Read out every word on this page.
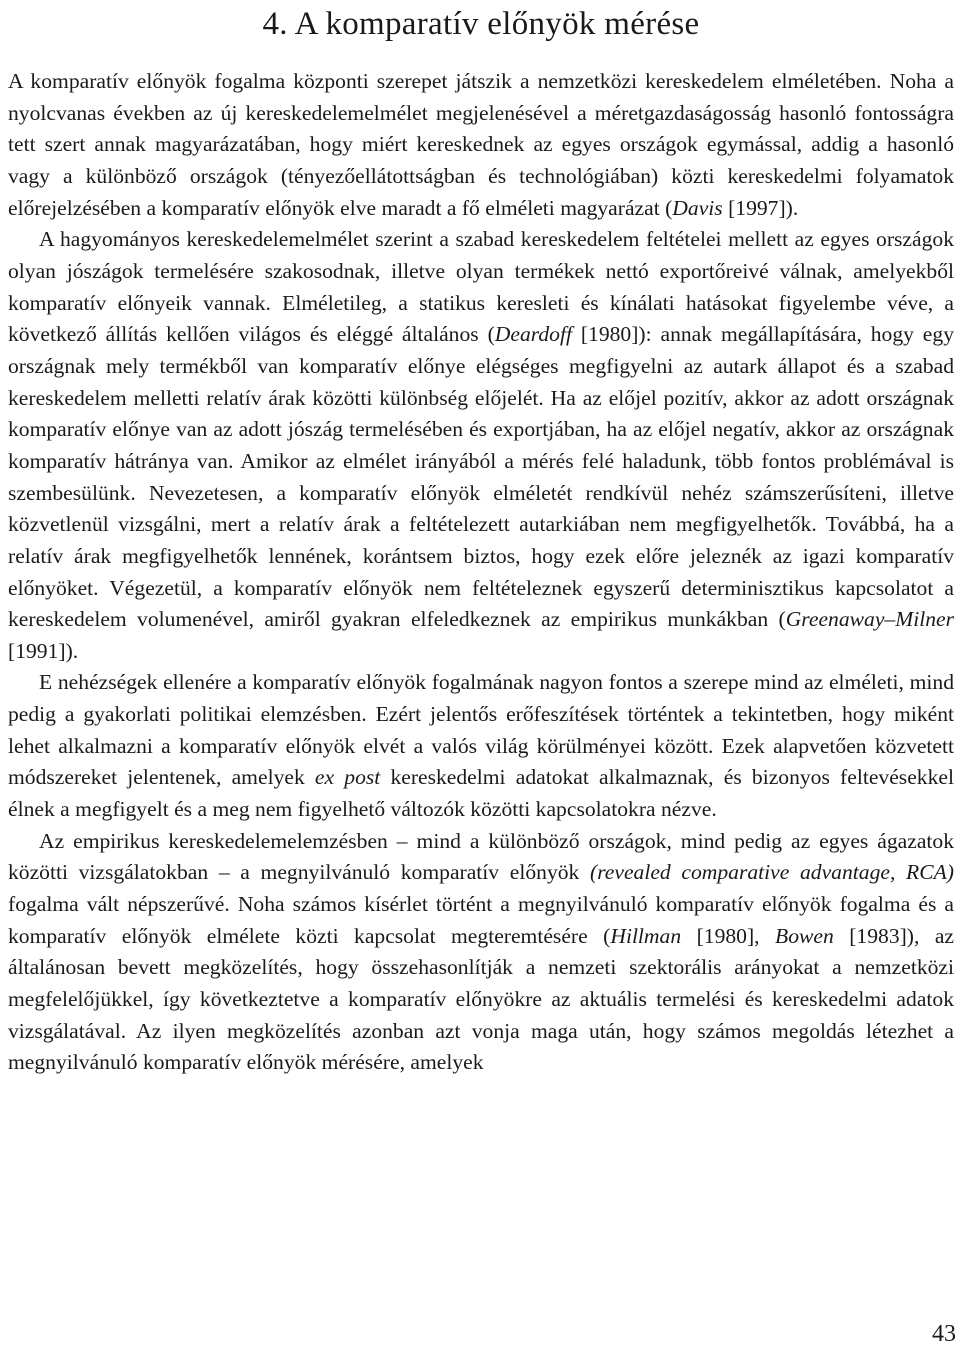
4. A komparatív előnyök mérése

A komparatív előnyök fogalma központi szerepet játszik a nemzetközi kereskedelem elméletében. Noha a nyolcvanas években az új kereskedelemelmélet megjelenésével a méretgazdaságosság hasonló fontosságra tett szert annak magyarázatában, hogy miért kereskednek az egyes országok egymással, addig a hasonló vagy a különböző országok (tényezőellátottságban és technológiában) közti kereskedelmi folyamatok előrejelzésében a komparatív előnyök elve maradt a fő elméleti magyarázat (Davis [1997]).

A hagyományos kereskedelemelmélet szerint a szabad kereskedelem feltételei mellett az egyes országok olyan jószágok termelésére szakosodnak, illetve olyan termékek nettó exportőreivé válnak, amelyekből komparatív előnyeik vannak. Elméletileg, a statikus keresleti és kínálati hatásokat figyelembe véve, a következő állítás kellően világos és eléggé általános (Deardoff [1980]): annak megállapítására, hogy egy országnak mely termékből van komparatív előnye elégséges megfigyelni az autark állapot és a szabad kereskedelem melletti relatív árak közötti különbség előjelét. Ha az előjel pozitív, akkor az adott országnak komparatív előnye van az adott jószág termelésében és exportjában, ha az előjel negatív, akkor az országnak komparatív hátránya van. Amikor az elmélet irányából a mérés felé haladunk, több fontos problémával is szembesülünk. Nevezetesen, a komparatív előnyök elméletét rendkívül nehéz számszerűsíteni, illetve közvetlenül vizsgálni, mert a relatív árak a feltételezett autarkiában nem megfigyelhetők. Továbbá, ha a relatív árak megfigyelhetők lennének, korántsem biztos, hogy ezek előre jeleznék az igazi komparatív előnyöket. Végezetül, a komparatív előnyök nem feltételeznek egyszerű determinisztikus kapcsolatot a kereskedelem volumenével, amiről gyakran elfeledkeznek az empirikus munkákban (Greenaway–Milner [1991]).

E nehézségek ellenére a komparatív előnyök fogalmának nagyon fontos a szerepe mind az elméleti, mind pedig a gyakorlati politikai elemzésben. Ezért jelentős erőfeszítések történtek a tekintetben, hogy miként lehet alkalmazni a komparatív előnyök elvét a valós világ körülményei között. Ezek alapvetően közvetett módszereket jelentenek, amelyek ex post kereskedelmi adatokat alkalmaznak, és bizonyos feltevésekkel élnek a megfigyelt és a meg nem figyelhető változók közötti kapcsolatokra nézve.

Az empirikus kereskedelemelemzésben – mind a különböző országok, mind pedig az egyes ágazatok közötti vizsgálatokban – a megnyilvánuló komparatív előnyök (revealed comparative advantage, RCA) fogalma vált népszerűvé. Noha számos kísérlet történt a megnyilvánuló komparatív előnyök fogalma és a komparatív előnyök elmélete közti kapcsolat megteremtésére (Hillman [1980], Bowen [1983]), az általánosan bevett megközelítés, hogy összehasonlítják a nemzeti szektorális arányokat a nemzetközi megfelelőjükkel, így következtetve a komparatív előnyökre az aktuális termelési és kereskedelmi adatok vizsgálatával. Az ilyen megközelítés azonban azt vonja maga után, hogy számos megoldás létezhet a megnyilvánuló komparatív előnyök mérésére, amelyek

43
